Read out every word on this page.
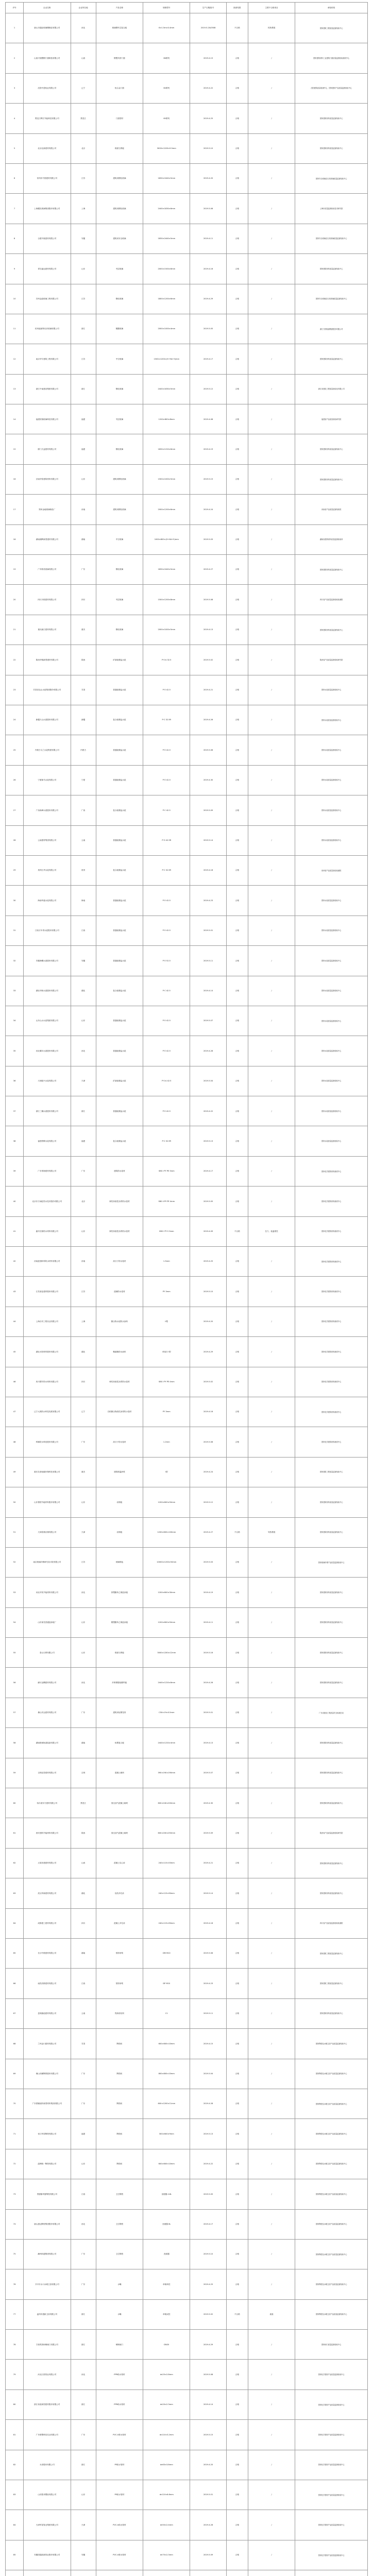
序号	企业名称	企业所在地	产品名称	规格型号	生产日期/批号	抽查结果	主要不合格项目	承检机构
1	唐山市通亚玻璃钢制品有限公司	河北	玻璃钢夹芯复合板	6×1.5m×0.4mm	2019.5.20/0508	不合格	传热系数	国家建筑工程质量监督检验中心
2	山西兴瑞塑钢门窗制造有限公司	山西	钢塑共挤门窗	66系列	2019.4.15	合格	/	国家建筑材料工业建筑门窗质量监督检验测试中心
3	沈阳中盈铝业有限公司	辽宁	铝合金门窗	60系列	2019.4.22	合格	/	沈阳建筑质量检测中心、国家建材产品质量监督检验中心
4	黑龙江辉宏节能科技有限公司	黑龙江	门窗型材	65系列	2019.4.25	合格	/	国家建筑材料质量监督检验中心
5	北京北新建材有限公司	北京	纸面石膏板	3000×1200×9.5mm	2019.5.10	合格	/	国家建筑材料质量监督检验中心
6	常州市中国建材有限公司	江苏	建筑用钢化玻璃	1830×2440×5mm	2019.4.20	合格	/	国家安全玻璃及石英玻璃质量监督检验中心
7	上海耀皮玻璃集团股份有限公司	上海	建筑用钢化玻璃	2440×1830×6mm	2019.5.06	合格	/	上海市质量监督检验技术研究院
8	合肥中航建材有限公司	安徽	建筑用安全玻璃	1830×2440×5mm	2019.4.11	合格	/	国家安全玻璃及石英玻璃质量监督检验中心
9	青岛福达建材有限公司	山东	夹层玻璃	2000×1500×8mm	2019.4.16	合格	/	国家建筑材料质量监督检验中心
10	苏州金晶玻璃工程有限公司	江苏	钢化玻璃	1800×1200×6mm	2019.4.29	合格	/	国家安全玻璃及石英玻璃质量监督检验中心
11	杭州福莱特光伏玻璃有限公司	浙江	镀膜玻璃	2000×1000×4mm	2019.5.05	合格	/	浙江方圆检测集团股份有限公司
12	南京华宇建筑工程有限公司	江苏	中空玻璃	1500×1200×(5+9A+5)mm	2019.4.17	合格	/	国家建筑材料质量监督检验中心
13	浙江中南建设集团有限公司	浙江	钢化玻璃	2440×1830×5mm	2019.5.12	合格	/	浙江省建设工程质量检验站有限公司
14	福建恒翔玻璃科技有限公司	福建	夹层玻璃	1200×800×8mm	2019.4.08	合格	/	福建省产品质量检验研究院
15	厦门天益建材有限公司	福建	钢化玻璃	1830×1220×6mm	2019.4.19	合格	/	国家建筑材料质量监督检验中心
16	济南华泰建筑材料有限公司	山东	建筑用钢化玻璃	1500×1000×5mm	2019.5.15	合格	/	国家建筑材料质量监督检验中心
17	郑州金地玻璃制品厂	河南	建筑用钢化玻璃	2000×1200×6mm	2019.4.24	合格	/	河南省产品质量监督检验院
18	湖南湘辉新型建材有限公司	湖南	中空玻璃	1000×800×(5+6A+5)mm	2019.5.03	合格	/	湖南省建筑材料质量监督检验所
19	广州粤美玻璃有限公司	广东	钢化玻璃	1830×2440×5mm	2019.4.27	合格	/	国家建筑材料质量监督检验中心
20	四川川玻建材有限公司	四川	夹层玻璃	1500×1200×8mm	2019.5.08	合格	/	四川省产品质量监督检验检测院
21	重庆渝江建材有限公司	重庆	钢化玻璃	2000×1000×5mm	2019.4.13	合格	/	国家建筑材料质量监督检验中心
22	陕西华瑞新型建材有限公司	陕西	矿渣硅酸盐水泥	P·S·A 32.5	2019.5.02	合格	/	陕西省产品质量监督检验研究院
23	甘肃祁连山水泥集团股份有限公司	甘肃	普通硅酸盐水泥	P·O 42.5	2019.4.21	合格	/	国家水泥质量监督检验中心
24	新疆天山水泥股份有限公司	新疆	复合硅酸盐水泥	P·C 32.5R	2019.4.26	合格	/	国家水泥质量监督检验中心
25	内蒙古乌兰水泥集团有限公司	内蒙古	普通硅酸盐水泥	P·O 42.5	2019.5.06	合格	/	国家水泥质量监督检验中心
26	宁夏赛马水泥有限公司	宁夏	普通硅酸盐水泥	P·O 42.5	2019.4.30	合格	/	国家水泥质量监督检验中心
27	广西鱼峰水泥股份有限公司	广西	复合硅酸盐水泥	P·C 42.5	2019.5.09	合格	/	国家水泥质量监督检验中心
28	云南建材集团有限公司	云南	普通硅酸盐水泥	P·O 42.5R	2019.5.14	合格	/	国家水泥质量监督检验中心
29	贵州江华水泥有限公司	贵州	复合硅酸盐水泥	P·C 32.5R	2019.4.18	合格	/	贵州省产品质量检验检测院
30	海南华盛水泥有限公司	海南	普通硅酸盐水泥	P·O 42.5	2019.4.23	合格	/	国家水泥质量监督检验中心
31	江西万年青水泥股份有限公司	江西	普通硅酸盐水泥	P·O 42.5	2019.5.01	合格	/	国家水泥质量监督检验中心
32	安徽海螺水泥股份有限公司	安徽	普通硅酸盐水泥	P·O 52.5	2019.5.11	合格	/	国家水泥质量监督检验中心
33	湖北华新水泥股份有限公司	湖北	复合硅酸盐水泥	P·C 42.5	2019.4.14	合格	/	国家水泥质量监督检验中心
34	山东山水水泥集团有限公司	山东	普通硅酸盐水泥	P·O 42.5	2019.5.07	合格	/	国家水泥质量监督检验中心
35	河北冀东水泥股份有限公司	河北	普通硅酸盐水泥	P·O 42.5	2019.4.28	合格	/	国家水泥质量监督检验中心
36	天津振兴水泥有限公司	天津	矿渣硅酸盐水泥	P·S·A 42.5	2019.5.04	合格	/	国家水泥质量监督检验中心
37	浙江三狮水泥股份有限公司	浙江	普通硅酸盐水泥	P·O 42.5	2019.4.22	合格	/	国家水泥质量监督检验中心
38	福建塔牌水泥有限公司	福建	复合硅酸盐水泥	P·C 32.5R	2019.5.13	合格	/	国家水泥质量监督检验中心
39	广东粤海建材有限公司	广东	建筑防水卷材	SBS I PY PE 3mm	2019.4.17	合格	/	国家化学建筑材料测试中心
40	北京东方雨虹防水技术股份有限公司	北京	弹性体改性沥青防水卷材	SBS II PY PE 4mm	2019.5.05	合格	/	国家化学建筑材料测试中心
41	潍坊宏源防水材料有限公司	山东	弹性体改性沥青防水卷材	SBS I PY S 3mm	2019.4.09	不合格	拉力、低温柔性	国家化学建筑材料测试中心
42	河南蓝翎环科防水材料有限公司	河南	高分子防水卷材	1.5mm	2019.4.25	合格	/	国家化学建筑材料测试中心
43	江苏凯伦建材股份有限公司	江苏	湿铺防水卷材	PY 3mm	2019.5.10	合格	/	国家化学建筑材料测试中心
44	上海台安工程实业有限公司	上海	聚合物水泥防水涂料	II型	2019.4.20	合格	/	国家化学建筑材料测试中心
45	湖北永阳材料股份有限公司	湖北	聚氨酯防水涂料	单组分 I型	2019.4.29	合格	/	国家化学建筑材料测试中心
46	四川蜀羊防水材料有限公司	四川	弹性体改性沥青防水卷材	SBS I PY PE 4mm	2019.5.02	合格	/	国家化学建筑材料测试中心
47	辽宁大禹防水科技发展有限公司	辽宁	自粘聚合物改性沥青防水卷材	PY 3mm	2019.4.16	合格	/	国家化学建筑材料测试中心
48	科顺防水科技股份有限公司	广东	高分子防水卷材	1.2mm	2019.5.08	合格	/	国家化学建筑材料测试中心
49	重庆龙者低碳环保科技有限公司	重庆	建筑保温砂浆	I型	2019.4.24	合格	/	国家建筑工程质量监督检验中心
50	山东鲁阳节能材料股份有限公司	山东	岩棉板	1200×600×50mm	2019.5.12	合格	/	国家建筑材料质量监督检验中心
51	天津泰康岩棉有限公司	天津	岩棉板	1200×600×100mm	2019.4.27	不合格	导热系数	国家建筑材料质量监督检验中心
52	南京玻璃纤维研究设计院有限公司	江苏	玻璃棉毡	10000×1200×50mm	2019.5.03	合格	/	国家玻璃纤维产品质量监督检验中心
53	河北华美节能材料有限公司	河北	挤塑聚苯乙烯泡沫板	1200×600×30mm	2019.4.19	合格	/	国家建筑材料质量监督检验中心
54	山东莱芜普通泡沫板厂	山东	模塑聚苯乙烯泡沫板	1200×600×50mm	2019.4.11	合格	/	国家建筑材料质量监督检验中心
55	泰山石膏有限公司	山东	纸面石膏板	3000×1200×12mm	2019.5.16	合格	/	国家建筑材料质量监督检验中心
56	廊坊金隅建材有限公司	河北	纤维增强硅酸钙板	2440×1220×8mm	2019.4.26	合格	/	国家建筑材料质量监督检验中心
57	佛山安达建材有限公司	广东	建筑用轻钢龙骨	C50×19×0.5mm	2019.5.01	合格	/	广东省建设工程质量安全检测总站
58	湖南联诚轨道装备有限公司	湖南	铝塑复合板	2440×1220×4mm	2019.4.13	合格	/	国家建筑材料质量监督检验中心
59	吉林亚泰建材有限公司	吉林	混凝土砌块	390×190×190mm	2019.5.07	合格	/	国家建筑材料质量监督检验中心
60	哈尔滨东方建材有限公司	黑龙江	蒸压加气混凝土砌块	600×240×200mm	2019.4.30	合格	/	国家建筑材料质量监督检验中心
61	西安建科节能材料有限公司	陕西	蒸压加气混凝土砌块	600×200×250mm	2019.5.09	合格	/	陕西省产品质量监督检验研究院
62	太原晋建建材有限公司	山西	混凝土实心砖	240×115×53mm	2019.4.21	合格	/	国家建筑材料质量监督检验中心
63	武汉华新建材有限公司	湖北	烧结多孔砖	240×115×90mm	2019.5.14	合格	/	国家建筑材料质量监督检验中心
64	成都建工建材有限公司	四川	混凝土多孔砖	240×115×90mm	2019.4.18	合格	/	四川省产品质量监督检验检测院
65	长沙中联建材有限公司	湖南	预拌砂浆	DM M10	2019.5.06	合格	/	国家建筑工程质量监督检验中心
66	南昌洪都建材有限公司	江西	预拌砂浆	DP M10	2019.4.23	合格	/	国家建筑工程质量监督检验中心
67	昆明滇池建材有限公司	云南	瓷砖粘结剂	C1	2019.5.11	合格	/	国家建筑材料质量监督检验中心
68	兰州金川建材有限公司	甘肃	陶瓷砖	600×600×10mm	2019.4.15	合格	/	国家陶瓷及水暖卫浴产品质量监督检验中心
69	佛山东鹏陶瓷股份有限公司	广东	陶瓷砖	800×800×10mm	2019.5.04	合格	/	国家陶瓷及水暖卫浴产品质量监督检验中心
70	广东蒙娜丽莎新型材料集团有限公司	广东	陶瓷砖	600×1200×11mm	2019.4.28	合格	/	国家陶瓷及水暖卫浴产品质量监督检验中心
71	晋江华泰陶瓷有限公司	福建	陶瓷砖	300×600×9mm	2019.5.13	合格	/	国家陶瓷及水暖卫浴产品质量监督检验中心
72	淄博统一陶瓷有限公司	山东	陶瓷砖	600×600×10mm	2019.4.22	合格	/	国家陶瓷及水暖卫浴产品质量监督检验中心
73	景德镇华夏陶瓷有限公司	江西	卫生陶瓷	坐便器 4.8L	2019.5.05	合格	/	国家陶瓷及水暖卫浴产品质量监督检验中心
74	唐山惠达陶瓷集团股份有限公司	河北	卫生陶瓷	坐便器 6L	2019.4.17	合格	/	国家陶瓷及水暖卫浴产品质量监督检验中心
75	潮州四通集团有限公司	广东	卫生陶瓷	洗面器	2019.5.10	合格	/	国家陶瓷及水暖卫浴产品质量监督检验中心
76	开平市水口水暖卫浴有限公司	广东	水嘴	单柄单控	2019.4.25	合格	/	国家陶瓷及水暖卫浴产品质量监督检验中心
77	温州市建新卫浴有限公司	浙江	水嘴	单柄双控	2019.5.02	不合格	流量	国家陶瓷及水暖卫浴产品质量监督检验中心
78	宁波埃美柯铜阀门有限公司	浙江	铜制阀门	DN20	2019.4.29	合格	/	国家阀门质量监督检验中心
79	河北日泰管业有限公司	河北	PPR给水管材	dn25×2.8mm	2019.5.08	合格	/	国家化学建材产品质量监督检验中心
80	浙江伟星新型建材股份有限公司	浙江	PPR给水管材	dn20×2.3mm	2019.4.14	合格	/	国家化学建材产品质量监督检验中心
81	广东联塑科技实业有限公司	广东	PVC-U排水管材	dn110×3.2mm	2019.5.15	合格	/	国家化学建材产品质量监督检验中心
82	永高股份有限公司	浙江	PE给水管材	dn63×3.8mm	2019.4.20	合格	/	国家化学建材产品质量监督检验中心
83	山东胜邦塑胶有限公司	山东	PE给水管材	dn110×6.6mm	2019.5.01	合格	/	国家化学建材产品质量监督检验中心
84	天津军星管业集团有限公司	天津	PVC-U给水管材	dn50×2.4mm	2019.4.26	合格	/	国家化学建材产品质量监督检验中心
85	安徽国通高新管业股份有限公司	安徽	PVC-U排水管材	dn75×2.3mm	2019.5.09	合格	/	国家化学建材产品质量监督检验中心
